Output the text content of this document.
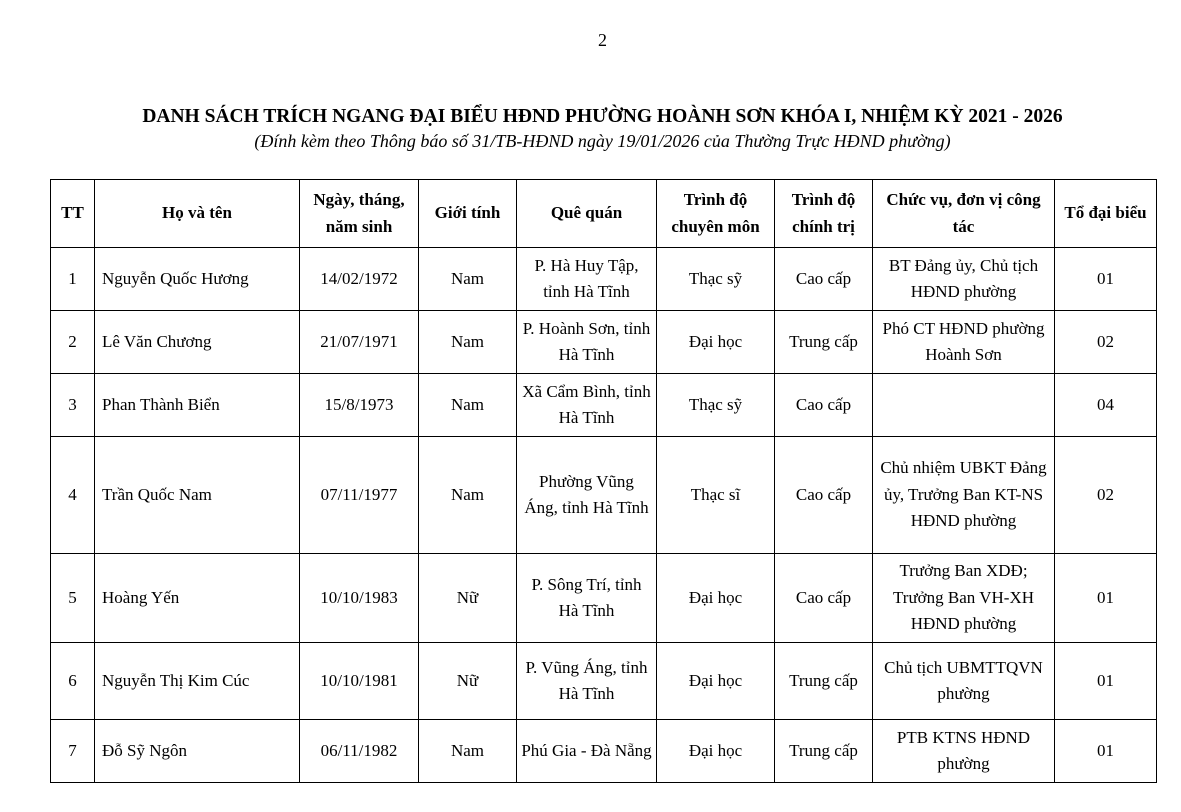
2
DANH SÁCH TRÍCH NGANG ĐẠI BIỂU HĐND PHƯỜNG HOÀNH SƠN KHÓA I, NHIỆM KỲ 2021 - 2026
(Đính kèm theo Thông báo số 31/TB-HĐND ngày 19/01/2026 của Thường Trực HĐND phường)
TT	Họ và tên	Ngày, tháng, năm sinh	Giới tính	Quê quán	Trình độ chuyên môn	Trình độ chính trị	Chức vụ, đơn vị công tác	Tổ đại biểu
1	Nguyễn Quốc Hương	14/02/1972	Nam	P. Hà Huy Tập, tỉnh Hà Tĩnh	Thạc sỹ	Cao cấp	BT Đảng ủy, Chủ tịch HĐND phường	01
2	Lê Văn Chương	21/07/1971	Nam	P. Hoành Sơn, tỉnh Hà Tĩnh	Đại học	Trung cấp	Phó CT HĐND phường Hoành Sơn	02
3	Phan Thành Biển	15/8/1973	Nam	Xã Cẩm Bình, tỉnh Hà Tĩnh	Thạc sỹ	Cao cấp		04
4	Trần Quốc Nam	07/11/1977	Nam	Phường Vũng Áng, tỉnh Hà Tĩnh	Thạc sĩ	Cao cấp	Chủ nhiệm UBKT Đảng ủy, Trưởng Ban KT-NS HĐND phường	02
5	Hoàng Yến	10/10/1983	Nữ	P. Sông Trí, tỉnh Hà Tĩnh	Đại học	Cao cấp	Trưởng Ban XDĐ; Trưởng Ban VH-XH HĐND phường	01
6	Nguyễn Thị Kim Cúc	10/10/1981	Nữ	P. Vũng Áng, tỉnh Hà Tĩnh	Đại học	Trung cấp	Chủ tịch UBMTTQVN phường	01
7	Đỗ Sỹ Ngôn	06/11/1982	Nam	Phú Gia - Đà Nẵng	Đại học	Trung cấp	PTB KTNS HĐND phường	01
